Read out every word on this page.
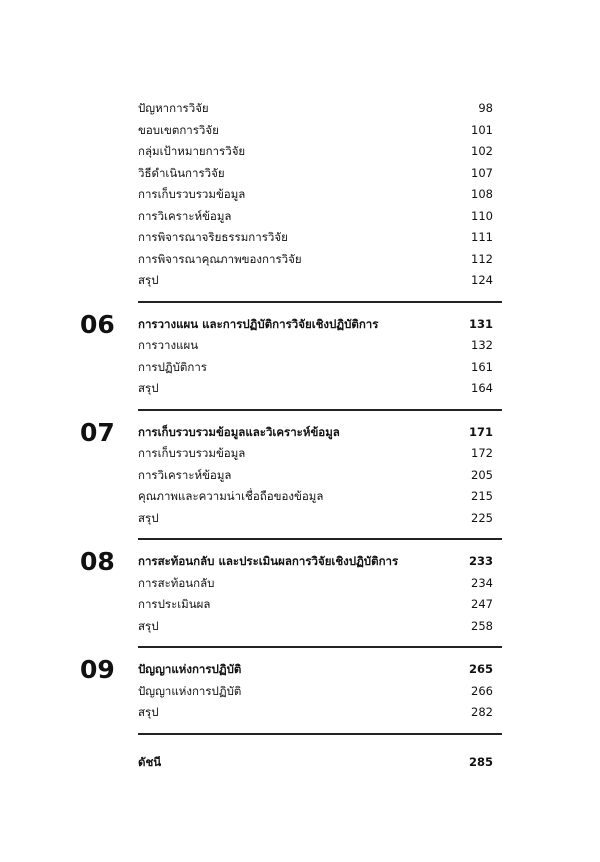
ปัญหาการวิจัย	98
ขอบเขตการวิจัย	101
กลุ่มเป้าหมายการวิจัย	102
วิธีดำเนินการวิจัย	107
การเก็บรวบรวมข้อมูล	108
การวิเคราะห์ข้อมูล	110
การพิจารณาจริยธรรมการวิจัย	111
การพิจารณาคุณภาพของการวิจัย	112
สรุป	124
06 การวางแผน และการปฏิบัติการวิจัยเชิงปฏิบัติการ	131
การวางแผน	132
การปฏิบัติการ	161
สรุป	164
07 การเก็บรวบรวมข้อมูลและวิเคราะห์ข้อมูล	171
การเก็บรวบรวมข้อมูล	172
การวิเคราะห์ข้อมูล	205
คุณภาพและความน่าเชื่อถือของข้อมูล	215
สรุป	225
08 การสะท้อนกลับ และประเมินผลการวิจัยเชิงปฏิบัติการ	233
การสะท้อนกลับ	234
การประเมินผล	247
สรุป	258
09 ปัญญาแห่งการปฏิบัติ	265
ปัญญาแห่งการปฏิบัติ	266
สรุป	282
ดัชนี	285
